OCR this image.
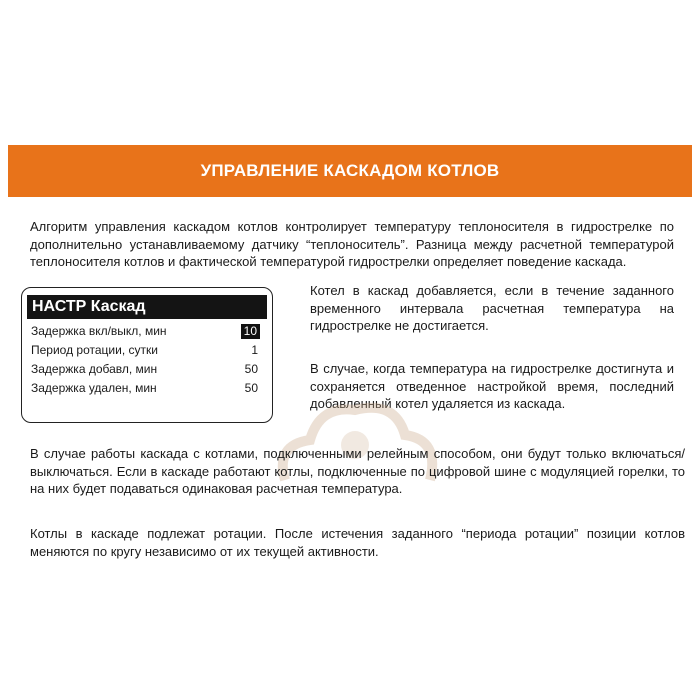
УПРАВЛЕНИЕ КАСКАДОМ КОТЛОВ

Алгоритм управления каскадом котлов контролирует температуру теплоносителя в гидрострелке по дополнительно устанавливаемому датчику “теплоноситель”. Разница между расчетной температурой теплоносителя котлов и фактической температурой гидрострелки определяет поведение каскада.

НАСТР Каскад
Задержка вкл/выкл, мин	10
Период ротации, сутки	1
Задержка добавл, мин	50
Задержка удален, мин	50

Котел в каскад добавляется, если в течение заданного временного интервала расчетная температура на гидрострелке не достигается.

В случае, когда температура на гидрострелке достигнута и сохраняется отведенное настройкой время, последний добавленный котел удаляется из каскада.

В случае работы каскада с котлами, подключенными релейным способом, они будут только включаться/выключаться. Если в каскаде работают котлы, подключенные по цифровой шине с модуляцией горелки, то на них будет подаваться одинаковая расчетная температура.

Котлы в каскаде подлежат ротации. После истечения заданного “периода ротации” позиции котлов меняются по кругу независимо от их текущей активности.
